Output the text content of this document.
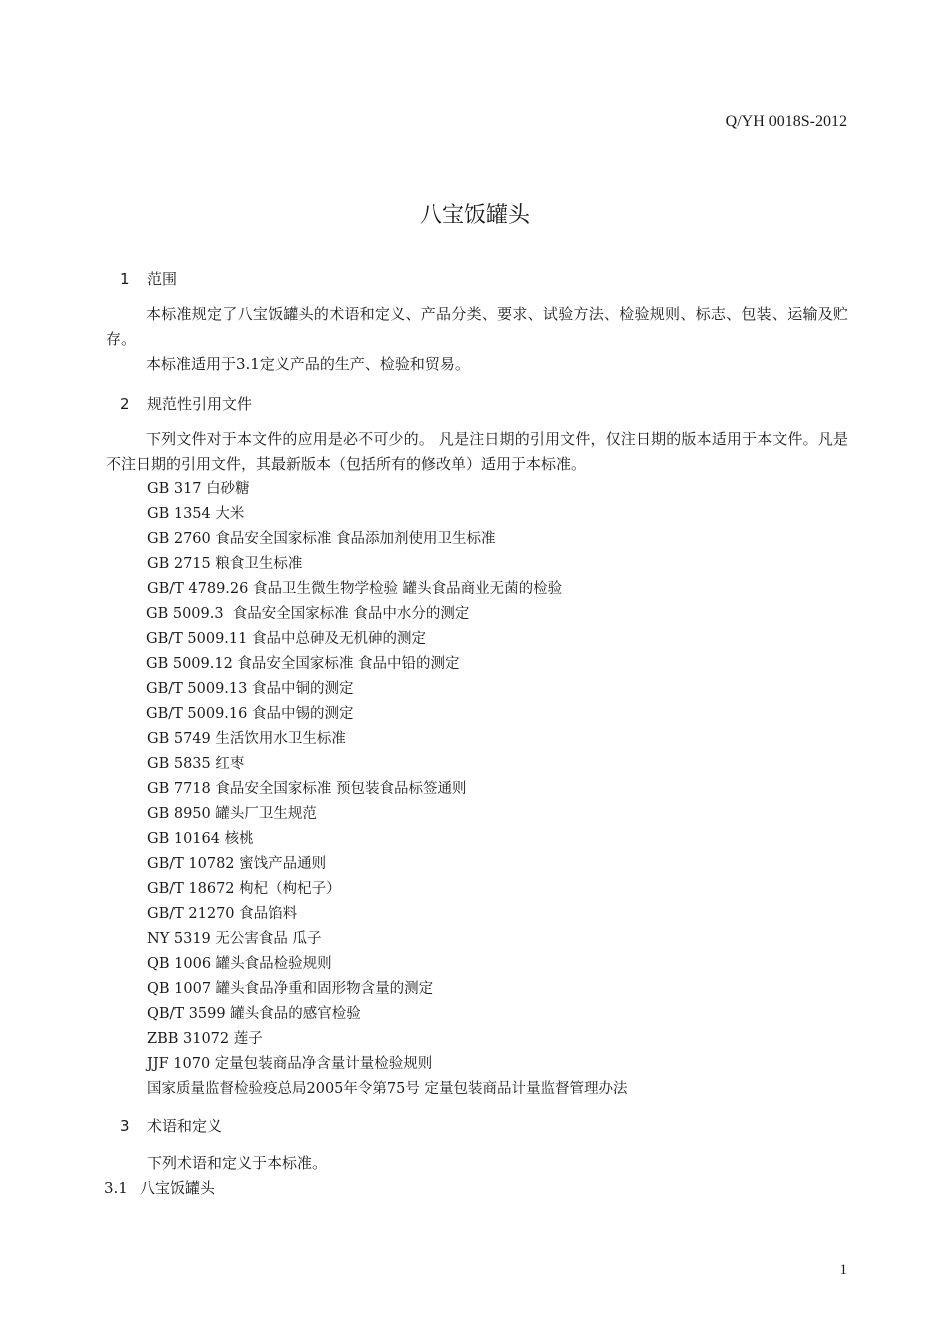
Q/YH 0018S-2012
八宝饭罐头
1 范围
本标准规定了八宝饭罐头的术语和定义、产品分类、要求、试验方法、检验规则、标志、包装、运输及贮存。
本标准适用于3.1定义产品的生产、检验和贸易。
2 规范性引用文件
下列文件对于本文件的应用是必不可少的。 凡是注日期的引用文件，仅注日期的版本适用于本文件。凡是不注日期的引用文件，其最新版本（包括所有的修改单）适用于本标准。
GB 317 白砂糖
GB 1354 大米
GB 2760 食品安全国家标准 食品添加剂使用卫生标准
GB 2715 粮食卫生标准
GB/T 4789.26 食品卫生微生物学检验 罐头食品商业无菌的检验
GB 5009.3  食品安全国家标准 食品中水分的测定
GB/T 5009.11 食品中总砷及无机砷的测定
GB 5009.12 食品安全国家标准 食品中铅的测定
GB/T 5009.13 食品中铜的测定
GB/T 5009.16 食品中锡的测定
GB 5749 生活饮用水卫生标准
GB 5835 红枣
GB 7718 食品安全国家标准 预包装食品标签通则
GB 8950 罐头厂卫生规范
GB 10164 核桃
GB/T 10782 蜜饯产品通则
GB/T 18672 枸杞（枸杞子）
GB/T 21270 食品馅料
NY 5319 无公害食品 瓜子
QB 1006 罐头食品检验规则
QB 1007 罐头食品净重和固形物含量的测定
QB/T 3599 罐头食品的感官检验
ZBB 31072 莲子
JJF 1070 定量包装商品净含量计量检验规则
国家质量监督检验疫总局2005年令第75号 定量包装商品计量监督管理办法
3 术语和定义
下列术语和定义于本标准。
3.1 八宝饭罐头
1
